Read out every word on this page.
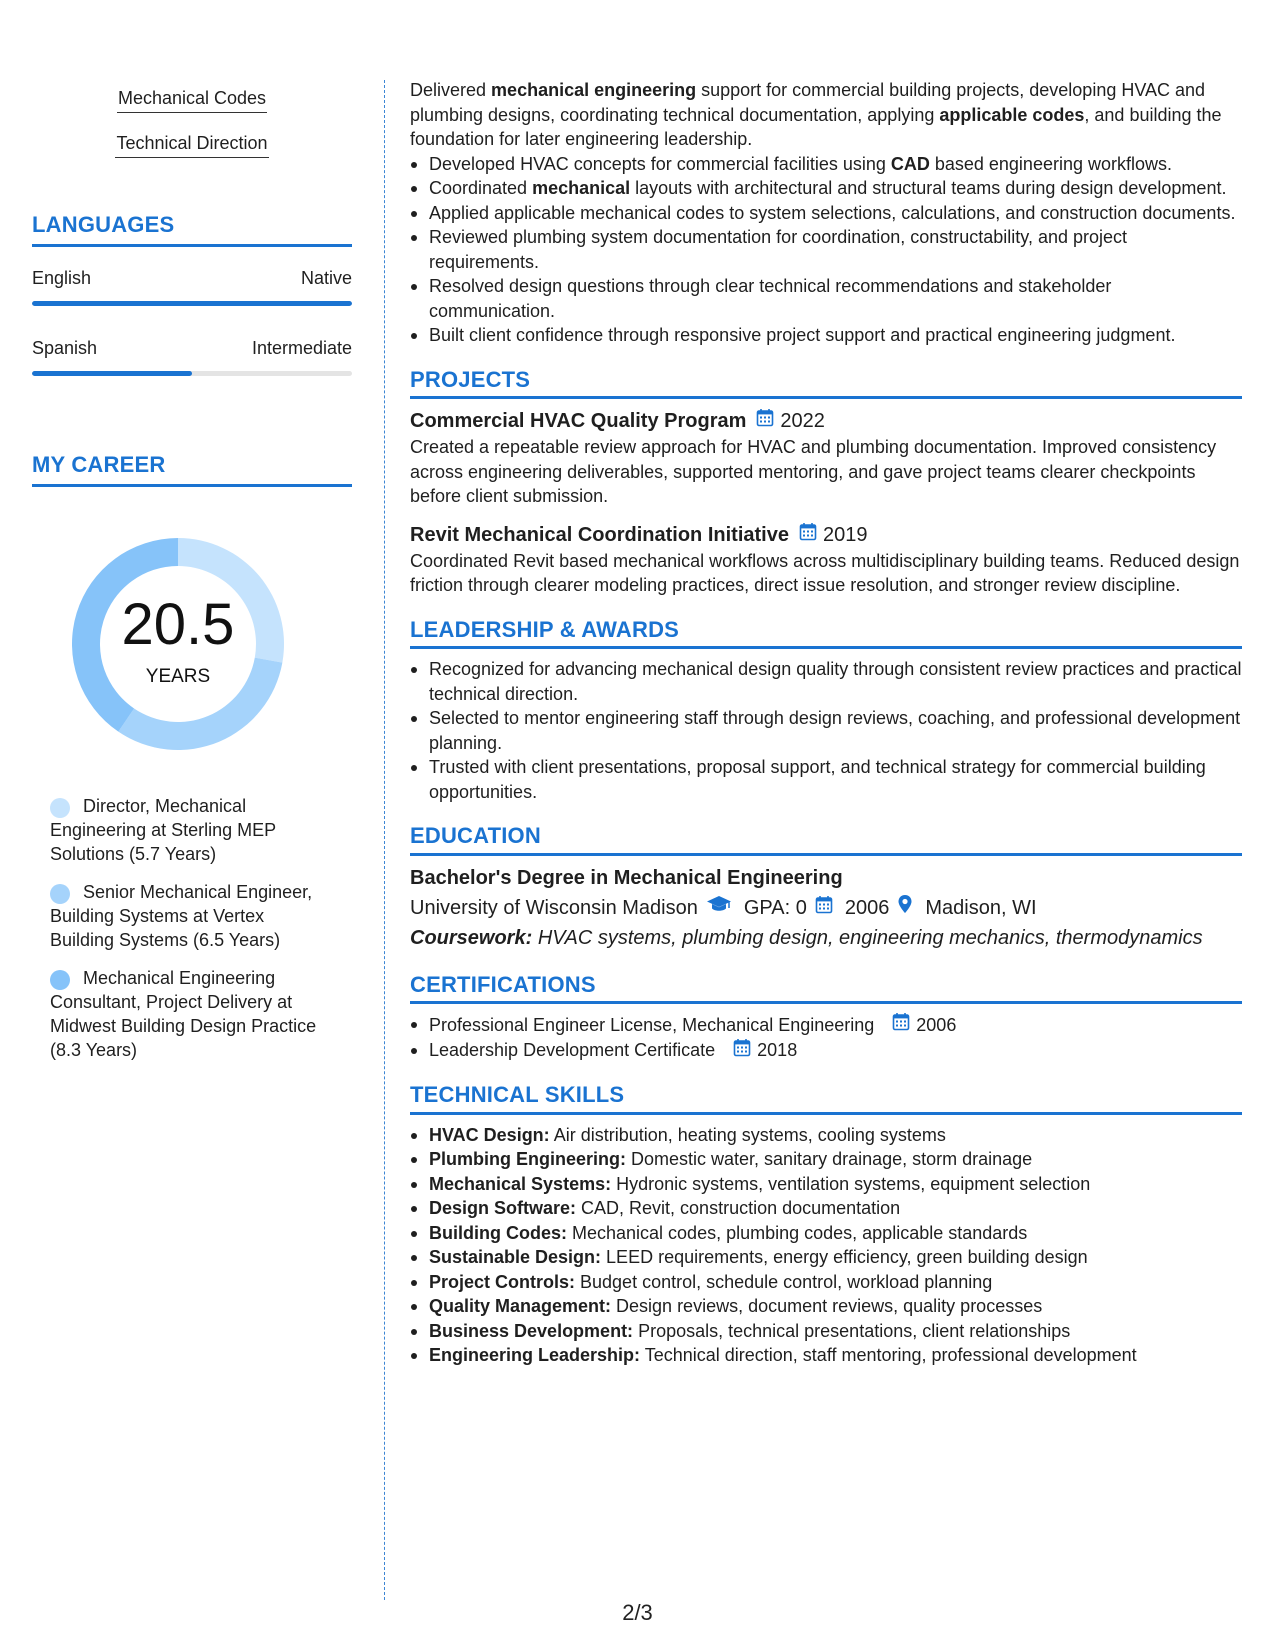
Mechanical Codes
Technical Direction
LANGUAGES
English	Native
Spanish	Intermediate
MY CAREER
20.5
YEARS
Director, Mechanical Engineering at Sterling MEP Solutions (5.7 Years)
Senior Mechanical Engineer, Building Systems at Vertex Building Systems (6.5 Years)
Mechanical Engineering Consultant, Project Delivery at Midwest Building Design Practice (8.3 Years)

Delivered mechanical engineering support for commercial building projects, developing HVAC and plumbing designs, coordinating technical documentation, applying applicable codes, and building the foundation for later engineering leadership.

Developed HVAC concepts for commercial facilities using CAD based engineering workflows.
Coordinated mechanical layouts with architectural and structural teams during design development.
Applied applicable mechanical codes to system selections, calculations, and construction documents.
Reviewed plumbing system documentation for coordination, constructability, and project requirements.
Resolved design questions through clear technical recommendations and stakeholder communication.
Built client confidence through responsive project support and practical engineering judgment.
PROJECTS
Commercial HVAC Quality Program 2022

Created a repeatable review approach for HVAC and plumbing documentation. Improved consistency across engineering deliverables, supported mentoring, and gave project teams clearer checkpoints before client submission.

Revit Mechanical Coordination Initiative 2019

Coordinated Revit based mechanical workflows across multidisciplinary building teams. Reduced design friction through clearer modeling practices, direct issue resolution, and stronger review discipline.

LEADERSHIP & AWARDS
Recognized for advancing mechanical design quality through consistent review practices and practical technical direction.
Selected to mentor engineering staff through design reviews, coaching, and professional development planning.
Trusted with client presentations, proposal support, and technical strategy for commercial building opportunities.
EDUCATION
Bachelor's Degree in Mechanical Engineering
University of Wisconsin Madison GPA: 0 2006 Madison, WI
Coursework: HVAC systems, plumbing design, engineering mechanics, thermodynamics
CERTIFICATIONS
Professional Engineer License, Mechanical Engineering 2006
Leadership Development Certificate 2018
TECHNICAL SKILLS
HVAC Design: Air distribution, heating systems, cooling systems
Plumbing Engineering: Domestic water, sanitary drainage, storm drainage
Mechanical Systems: Hydronic systems, ventilation systems, equipment selection
Design Software: CAD, Revit, construction documentation
Building Codes: Mechanical codes, plumbing codes, applicable standards
Sustainable Design: LEED requirements, energy efficiency, green building design
Project Controls: Budget control, schedule control, workload planning
Quality Management: Design reviews, document reviews, quality processes
Business Development: Proposals, technical presentations, client relationships
Engineering Leadership: Technical direction, staff mentoring, professional development
2/3
